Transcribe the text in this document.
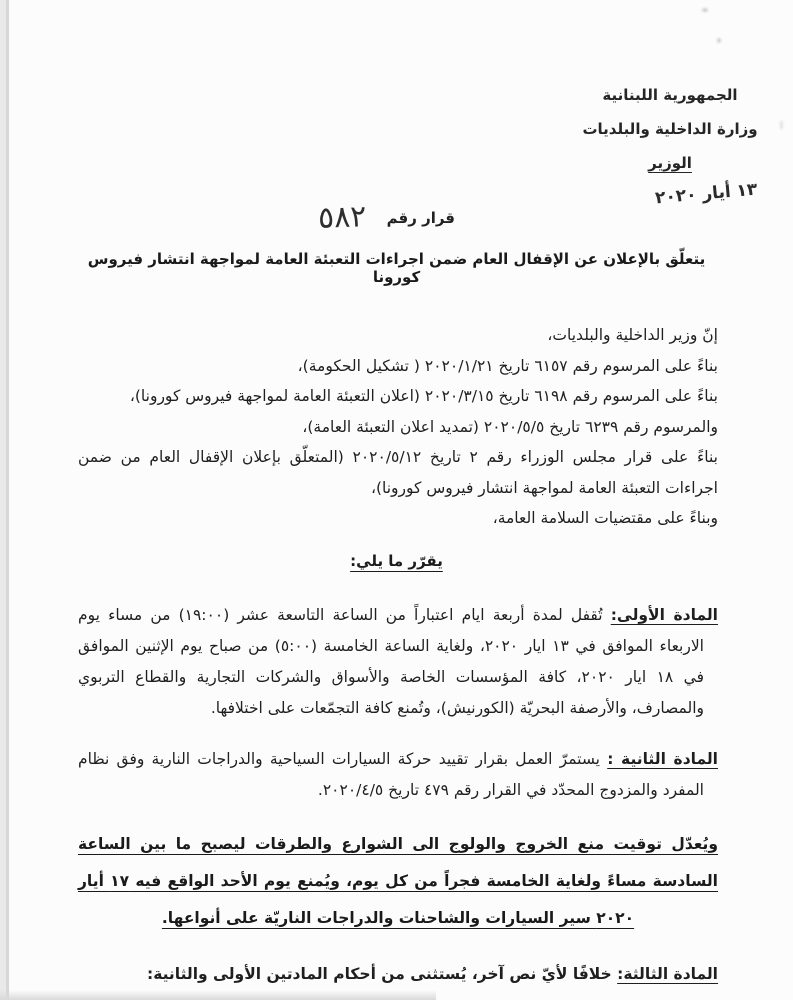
الجمهورية اللبنانية
وزارة الداخلية والبلديات
الوزير
١٣ أيار ٢٠٢٠
قرار رقم
٥٨٢

يتعلّق بالإعلان عن الإقفال العام ضمن اجراءات التعبئة العامة لمواجهة انتشار فيروس كورونا

إنّ وزير الداخلية والبلديات،

بناءً على المرسوم رقم ٦١٥٧ تاريخ ٢٠٢٠/١/٢١ ( تشكيل الحكومة)،

بناءً على المرسوم رقم ٦١٩٨ تاريخ ٢٠٢٠/٣/١٥ (اعلان التعبئة العامة لمواجهة فيروس كورونا)،

والمرسوم رقم ٦٢٣٩ تاريخ ٢٠٢٠/٥/٥ (تمديد اعلان التعبئة العامة)،

بناءً على قرار مجلس الوزراء رقم ٢ تاريخ ٢٠٢٠/٥/١٢ (المتعلّق بإعلان الإقفال العام من ضمن اجراءات التعبئة العامة لمواجهة انتشار فيروس كورونا)،

وبناءً على مقتضيات السلامة العامة،

يقرّر ما يلي:

المادة الأولى: تُقفل لمدة أربعة ايام اعتباراً من الساعة التاسعة عشر (١٩:٠٠) من مساء يوم الاربعاء الموافق في ١٣ ايار ٢٠٢٠، ولغاية الساعة الخامسة (٥:٠٠) من صباح يوم الإثنين الموافق في ١٨ ايار ٢٠٢٠، كافة المؤسسات الخاصة والأسواق والشركات التجارية والقطاع التربوي والمصارف، والأرصفة البحريّة (الكورنيش)، وتُمنع كافة التجمّعات على اختلافها.

المادة الثانية : يستمرّ العمل بقرار تقييد حركة السيارات السياحية والدراجات النارية وفق نظام المفرد والمزدوج المحدّد في القرار رقم ٤٧٩ تاريخ ٢٠٢٠/٤/٥.

ويُعدّل توقيت منع الخروج والولوج الى الشوارع والطرقات ليصبح ما بين الساعة السادسة مساءً ولغاية الخامسة فجراً من كل يوم، ويُمنع يوم الأحد الواقع فيه ١٧ أيار ٢٠٢٠ سير السيارات والشاحنات والدراجات الناريّة على أنواعها.

المادة الثالثة: خلافًا لأيّ نص آخر، يُستثنى من أحكام المادتين الأولى والثانية:
